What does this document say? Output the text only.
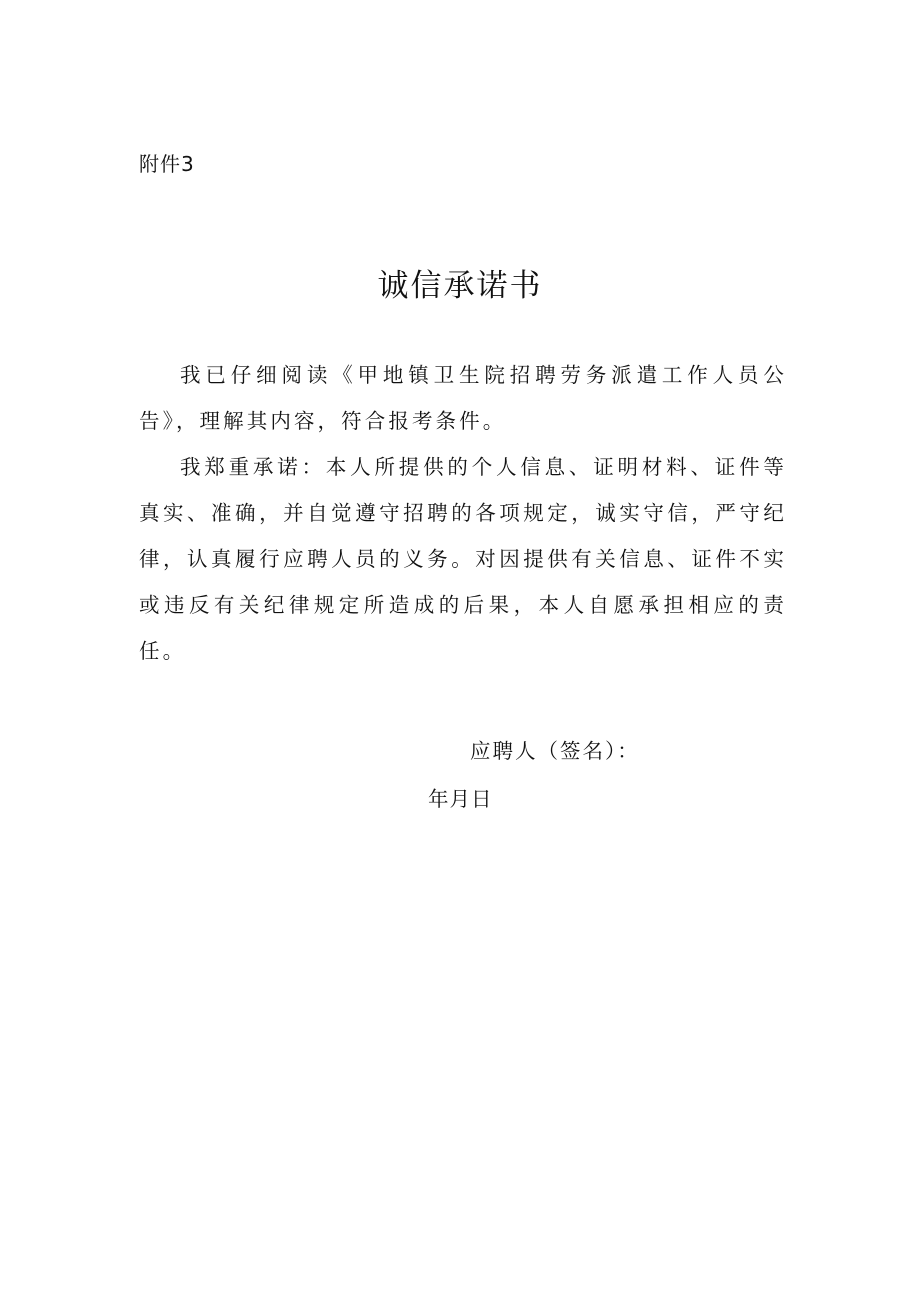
附件3
诚信承诺书

我已仔细阅读《甲地镇卫生院招聘劳务派遣工作人员公告》，理解其内容，符合报考条件。

我郑重承诺：本人所提供的个人信息、证明材料、证件等真实、准确，并自觉遵守招聘的各项规定，诚实守信，严守纪律，认真履行应聘人员的义务。对因提供有关信息、证件不实或违反有关纪律规定所造成的后果，本人自愿承担相应的责任。

应聘人（签名）：
年月日
